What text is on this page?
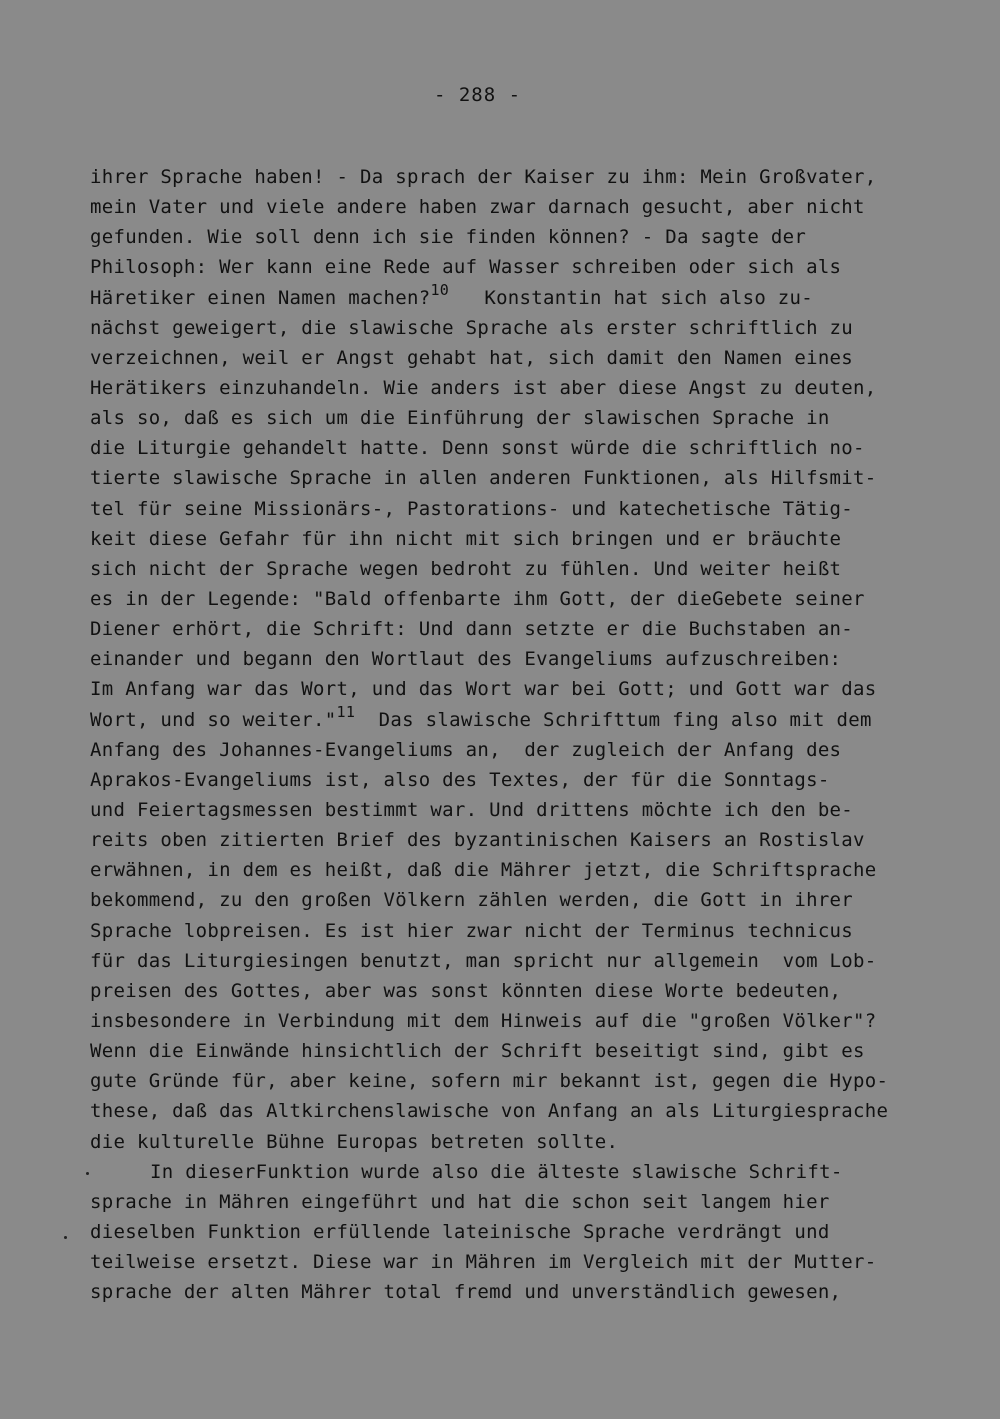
- 288 -
ihrer Sprache haben! - Da sprach der Kaiser zu ihm: Mein Großvater,
mein Vater und viele andere haben zwar darnach gesucht, aber nicht
gefunden. Wie soll denn ich sie finden können? - Da sagte der
Philosoph: Wer kann eine Rede auf Wasser schreiben oder sich als
Häretiker einen Namen machen?$^{10}$   Konstantin hat sich also zu-
nächst geweigert, die slawische Sprache als erster schriftlich zu
verzeichnen, weil er Angst gehabt hat, sich damit den Namen eines
Herätikers einzuhandeln. Wie anders ist aber diese Angst zu deuten,
als so, daß es sich um die Einführung der slawischen Sprache in
die Liturgie gehandelt hatte. Denn sonst würde die schriftlich no-
tierte slawische Sprache in allen anderen Funktionen, als Hilfsmit-
tel für seine Missionärs-, Pastorations- und katechetische Tätig-
keit diese Gefahr für ihn nicht mit sich bringen und er bräuchte
sich nicht der Sprache wegen bedroht zu fühlen. Und weiter heißt
es in der Legende: "Bald offenbarte ihm Gott, der dieGebete seiner
Diener erhört, die Schrift: Und dann setzte er die Buchstaben an-
einander und begann den Wortlaut des Evangeliums aufzuschreiben:
Im Anfang war das Wort, und das Wort war bei Gott; und Gott war das
Wort, und so weiter."$^{11}$  Das slawische Schrifttum fing also mit dem
Anfang des Johannes-Evangeliums an,  der zugleich der Anfang des
Aprakos-Evangeliums ist, also des Textes, der für die Sonntags-
und Feiertagsmessen bestimmt war. Und drittens möchte ich den be-
reits oben zitierten Brief des byzantinischen Kaisers an Rostislav
erwähnen, in dem es heißt, daß die Mährer jetzt, die Schriftsprache
bekommend, zu den großen Völkern zählen werden, die Gott in ihrer
Sprache lobpreisen. Es ist hier zwar nicht der Terminus technicus
für das Liturgiesingen benutzt, man spricht nur allgemein  vom Lob-
preisen des Gottes, aber was sonst könnten diese Worte bedeuten,
insbesondere in Verbindung mit dem Hinweis auf die "großen Völker"?
Wenn die Einwände hinsichtlich der Schrift beseitigt sind, gibt es
gute Gründe für, aber keine, sofern mir bekannt ist, gegen die Hypo-
these, daß das Altkirchenslawische von Anfang an als Liturgiesprache
die kulturelle Bühne Europas betreten sollte.
In dieserFunktion wurde also die älteste slawische Schrift-
sprache in Mähren eingeführt und hat die schon seit langem hier
dieselben Funktion erfüllende lateinische Sprache verdrängt und
teilweise ersetzt. Diese war in Mähren im Vergleich mit der Mutter-
sprache der alten Mährer total fremd und unverständlich gewesen,
